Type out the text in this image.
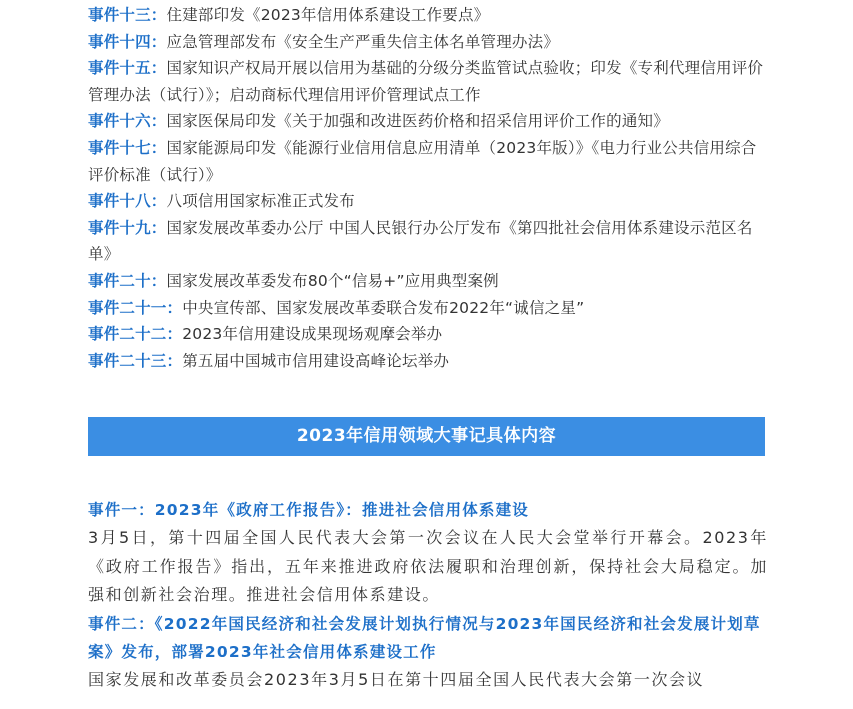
事件十三：住建部印发《2023年信用体系建设工作要点》
事件十四：应急管理部发布《安全生产严重失信主体名单管理办法》
事件十五：国家知识产权局开展以信用为基础的分级分类监管试点验收；印发《专利代理信用评价管理办法（试行）》；启动商标代理信用评价管理试点工作
事件十六：国家医保局印发《关于加强和改进医药价格和招采信用评价工作的通知》
事件十七：国家能源局印发《能源行业信用信息应用清单（2023年版）》《电力行业公共信用综合评价标准（试行）》
事件十八：八项信用国家标准正式发布
事件十九：国家发展改革委办公厅 中国人民银行办公厅发布《第四批社会信用体系建设示范区名单》
事件二十：国家发展改革委发布80个“信易+”应用典型案例
事件二十一：中央宣传部、国家发展改革委联合发布2022年“诚信之星”
事件二十二：2023年信用建设成果现场观摩会举办
事件二十三：第五届中国城市信用建设高峰论坛举办
2023年信用领域大事记具体内容
事件一：2023年《政府工作报告》：推进社会信用体系建设
3月5日，第十四届全国人民代表大会第一次会议在人民大会堂举行开幕会。2023年《政府工作报告》指出，五年来推进政府依法履职和治理创新，保持社会大局稳定。加强和创新社会治理。推进社会信用体系建设。
事件二：《2022年国民经济和社会发展计划执行情况与2023年国民经济和社会发展计划草案》发布，部署2023年社会信用体系建设工作
国家发展和改革委员会2023年3月5日在第十四届全国人民代表大会第一次会议
